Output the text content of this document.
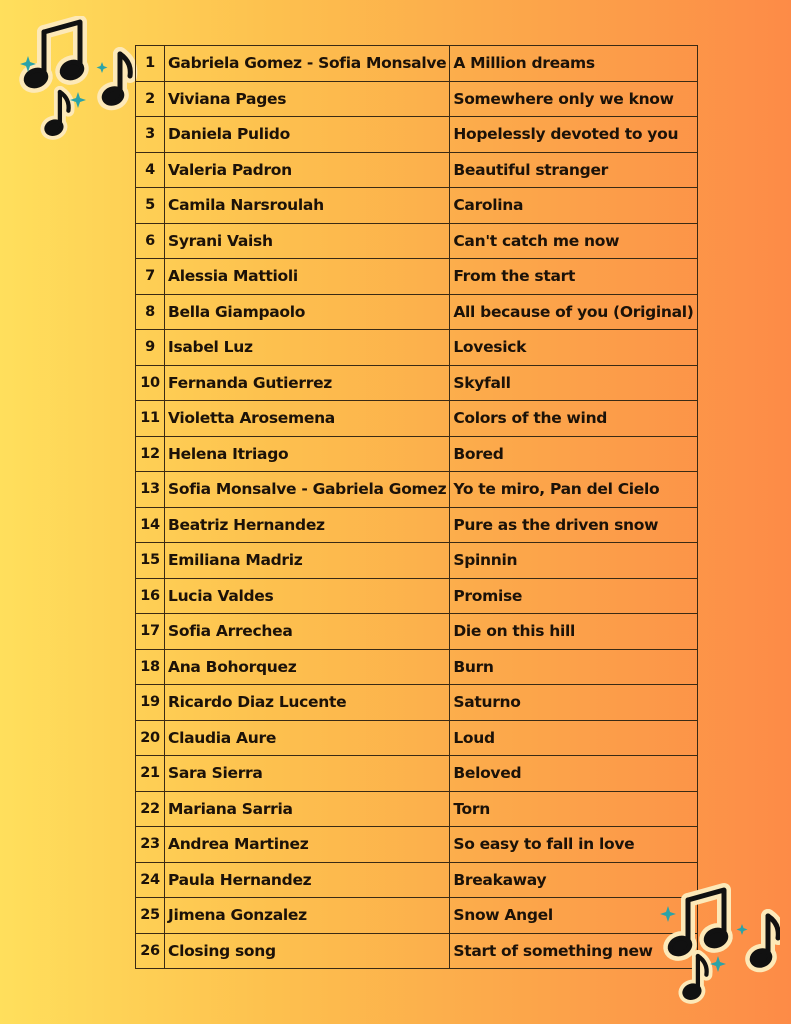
1	Gabriela Gomez - Sofia Monsalve	A Million dreams
2	Viviana Pages	Somewhere only we know
3	Daniela Pulido	Hopelessly devoted to you
4	Valeria Padron	Beautiful stranger
5	Camila Narsroulah	Carolina
6	Syrani Vaish	Can't catch me now
7	Alessia Mattioli	From the start
8	Bella Giampaolo	All because of you (Original)
9	Isabel Luz	Lovesick
10	Fernanda Gutierrez	Skyfall
11	Violetta Arosemena	Colors of the wind
12	Helena Itriago	Bored
13	Sofia Monsalve - Gabriela Gomez	Yo te miro, Pan del Cielo
14	Beatriz Hernandez	Pure as the driven snow
15	Emiliana Madriz	Spinnin
16	Lucia Valdes	Promise
17	Sofia Arrechea	Die on this hill
18	Ana Bohorquez	Burn
19	Ricardo Diaz Lucente	Saturno
20	Claudia Aure	Loud
21	Sara Sierra	Beloved
22	Mariana Sarria	Torn
23	Andrea Martinez	So easy to fall in love
24	Paula Hernandez	Breakaway
25	Jimena Gonzalez	Snow Angel
26	Closing song	Start of something new
